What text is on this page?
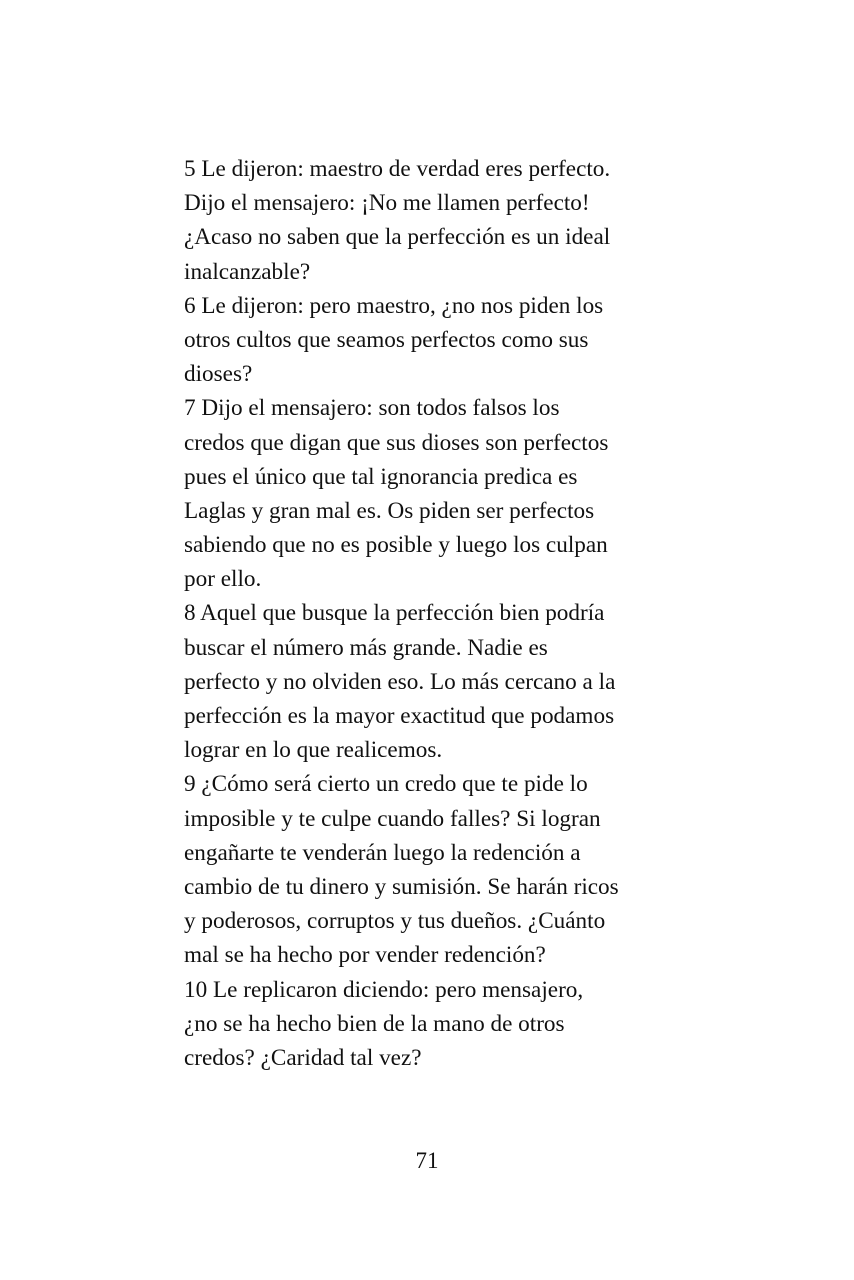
5 Le dijeron: maestro de verdad eres perfecto.
Dijo el mensajero: ¡No me llamen perfecto!
¿Acaso no saben que la perfección es un ideal
inalcanzable?
6 Le dijeron: pero maestro, ¿no nos piden los
otros cultos que seamos perfectos como sus
dioses?
7 Dijo el mensajero: son todos falsos los
credos que digan que sus dioses son perfectos
pues el único que tal ignorancia predica es
Laglas y gran mal es. Os piden ser perfectos
sabiendo que no es posible y luego los culpan
por ello.
8 Aquel que busque la perfección bien podría
buscar el número más grande. Nadie es
perfecto y no olviden eso. Lo más cercano a la
perfección es la mayor exactitud que podamos
lograr en lo que realicemos.
9 ¿Cómo será cierto un credo que te pide lo
imposible y te culpe cuando falles? Si logran
engañarte te venderán luego la redención a
cambio de tu dinero y sumisión. Se harán ricos
y poderosos, corruptos y tus dueños. ¿Cuánto
mal se ha hecho por vender redención?
10 Le replicaron diciendo: pero mensajero,
¿no se ha hecho bien de la mano de otros
credos? ¿Caridad tal vez?
71
